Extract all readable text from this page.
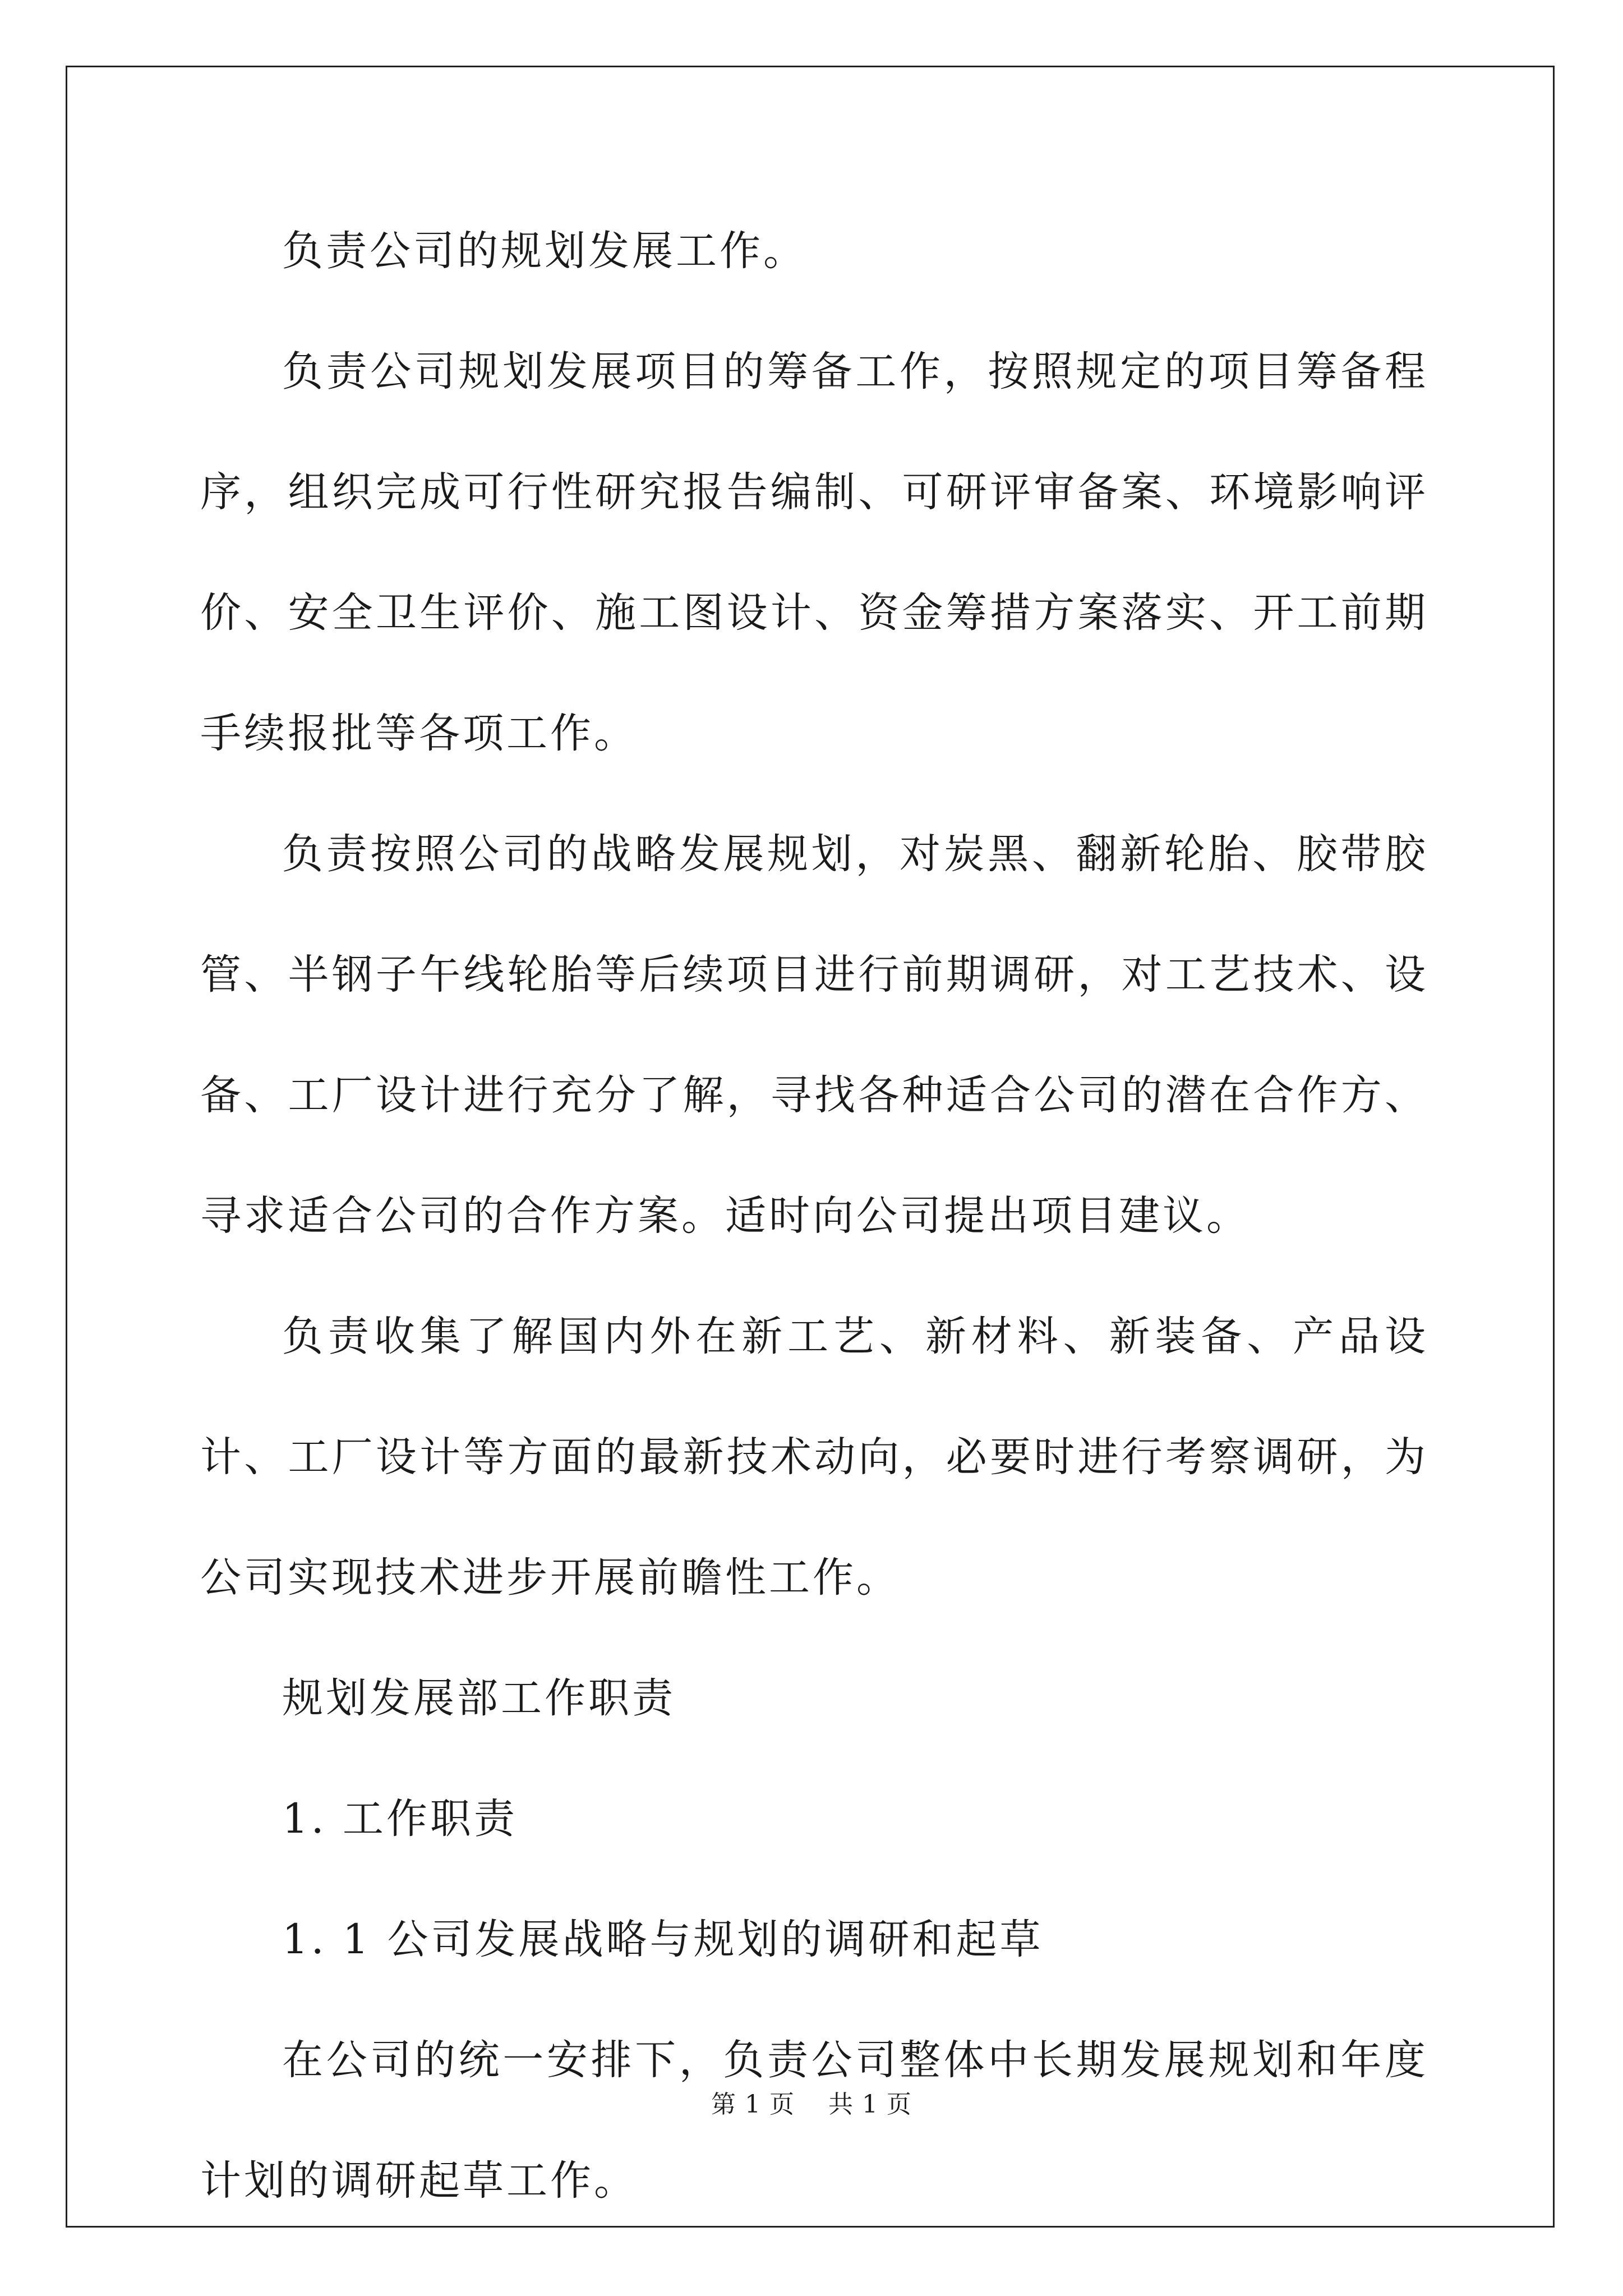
负责公司的规划发展工作。

负责公司规划发展项目的筹备工作，按照规定的项目筹备程序，组织完成可行性研究报告编制、可研评审备案、环境影响评价、安全卫生评价、施工图设计、资金筹措方案落实、开工前期手续报批等各项工作。

负责按照公司的战略发展规划，对炭黑、翻新轮胎、胶带胶管、半钢子午线轮胎等后续项目进行前期调研，对工艺技术、设备、工厂设计进行充分了解，寻找各种适合公司的潜在合作方、寻求适合公司的合作方案。适时向公司提出项目建议。

负责收集了解国内外在新工艺、新材料、新装备、产品设计、工厂设计等方面的最新技术动向，必要时进行考察调研，为公司实现技术进步开展前瞻性工作。

规划发展部工作职责

1. 工作职责

1. 1 公司发展战略与规划的调研和起草

在公司的统一安排下，负责公司整体中长期发展规划和年度计划的调研起草工作。

第 1 页 共 1 页
